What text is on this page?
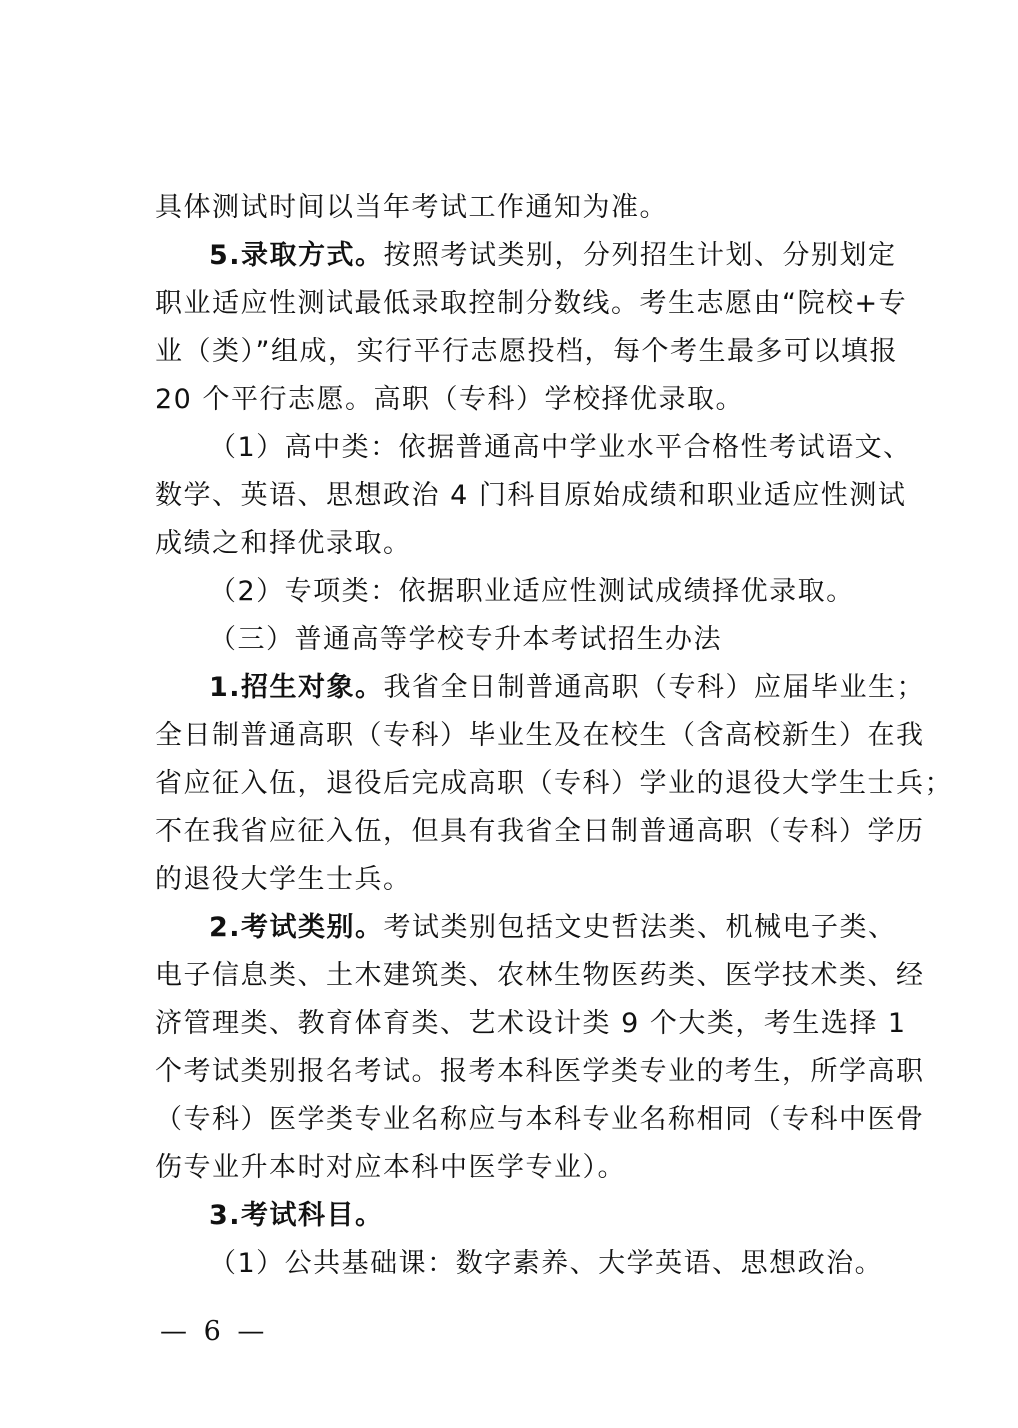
具体测试时间以当年考试工作通知为准。
5.录取方式。按照考试类别，分列招生计划、分别划定
职业适应性测试最低录取控制分数线。考生志愿由“院校+专
业（类）”组成，实行平行志愿投档，每个考生最多可以填报
20 个平行志愿。高职（专科）学校择优录取。
（1）高中类：依据普通高中学业水平合格性考试语文、
数学、英语、思想政治 4 门科目原始成绩和职业适应性测试
成绩之和择优录取。
（2）专项类：依据职业适应性测试成绩择优录取。
（三）普通高等学校专升本考试招生办法
1.招生对象。我省全日制普通高职（专科）应届毕业生；
全日制普通高职（专科）毕业生及在校生（含高校新生）在我
省应征入伍，退役后完成高职（专科）学业的退役大学生士兵；
不在我省应征入伍，但具有我省全日制普通高职（专科）学历
的退役大学生士兵。
2.考试类别。考试类别包括文史哲法类、机械电子类、
电子信息类、土木建筑类、农林生物医药类、医学技术类、经
济管理类、教育体育类、艺术设计类 9 个大类，考生选择 1
个考试类别报名考试。报考本科医学类专业的考生，所学高职
（专科）医学类专业名称应与本科专业名称相同（专科中医骨
伤专业升本时对应本科中医学专业）。
3.考试科目。
（1）公共基础课：数字素养、大学英语、思想政治。
— 6 —
